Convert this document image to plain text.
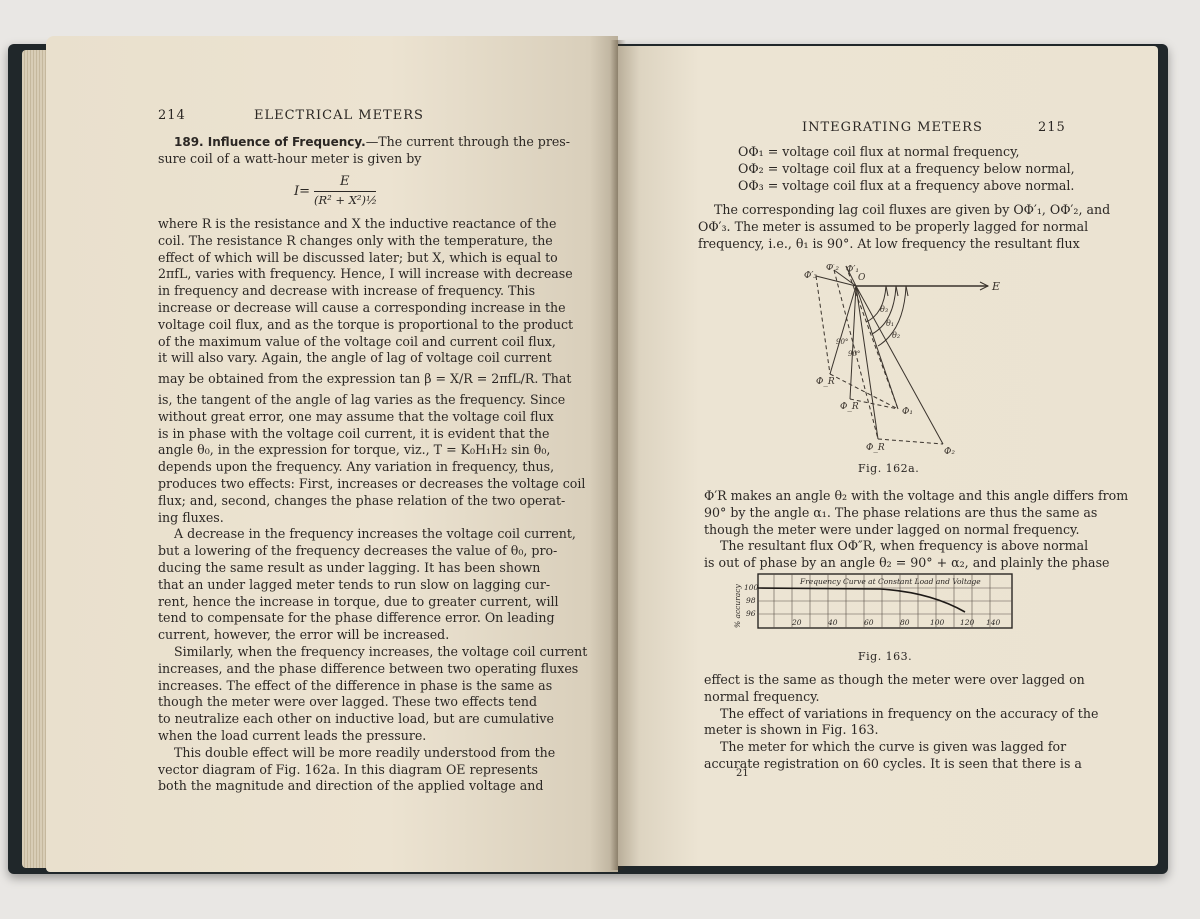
214	ELECTRICAL METERS

189. Influence of Frequency.—The current through the pres-

sure coil of a watt-hour meter is given by

I=
E
(R² + X²)½

where R is the resistance and X the inductive reactance of the

coil. The resistance R changes only with the temperature, the

effect of which will be discussed later; but X, which is equal to

2πfL, varies with frequency. Hence, I will increase with decrease

in frequency and decrease with increase of frequency. This

increase or decrease will cause a corresponding increase in the

voltage coil flux, and as the torque is proportional to the product

of the maximum value of the voltage coil and current coil flux,

it will also vary. Again, the angle of lag of voltage coil current

may be obtained from the expression tan β = X/R = 2πfL/R. That

is, the tangent of the angle of lag varies as the frequency. Since

without great error, one may assume that the voltage coil flux

is in phase with the voltage coil current, it is evident that the

angle θ₀, in the expression for torque, viz., T = K₀H₁H₂ sin θ₀,

depends upon the frequency. Any variation in frequency, thus,

produces two effects: First, increases or decreases the voltage coil

flux; and, second, changes the phase relation of the two operat-

ing fluxes.

A decrease in the frequency increases the voltage coil current,

but a lowering of the frequency decreases the value of θ₀, pro-

ducing the same result as under lagging. It has been shown

that an under lagged meter tends to run slow on lagging cur-

rent, hence the increase in torque, due to greater current, will

tend to compensate for the phase difference error. On leading

current, however, the error will be increased.

Similarly, when the frequency increases, the voltage coil current

increases, and the phase difference between two operating fluxes

increases. The effect of the difference in phase is the same as

though the meter were over lagged. These two effects tend

to neutralize each other on inductive load, but are cumulative

when the load current leads the pressure.

This double effect will be more readily understood from the

vector diagram of Fig. 162a. In this diagram OE represents

both the magnitude and direction of the applied voltage and

INTEGRATING METERS	215

OΦ₁ = voltage coil flux at normal frequency,

OΦ₂ = voltage coil flux at a frequency below normal,

OΦ₃ = voltage coil flux at a frequency above normal.

The corresponding lag coil fluxes are given by OΦ′₁, OΦ′₂, and

OΦ′₃. The meter is assumed to be properly lagged for normal

frequency, i.e., θ₁ is 90°. At low frequency the resultant flux

O
E
Φ′₃
Φ′₂ Φ′₁
Φ_R
Φ_R
Φ_R
Φ₁
Φ₂
θ₃
θ₁
θ₂
90°
90°
Fig. 162a.

Φ′R makes an angle θ₂ with the voltage and this angle differs from

90° by the angle α₁. The phase relations are thus the same as

though the meter were under lagged on normal frequency.

The resultant flux OΦ″R, when frequency is above normal

is out of phase by an angle θ₂ = 90° + α₂, and plainly the phase

Frequency Curve at Constant Load and Voltage
100
98
96
20	40	60	80	100 120 140
% accuracy
Fig. 163.

effect is the same as though the meter were over lagged on

normal frequency.

The effect of variations in frequency on the accuracy of the

meter is shown in Fig. 163.

The meter for which the curve is given was lagged for

accurate registration on 60 cycles. It is seen that there is a

21
